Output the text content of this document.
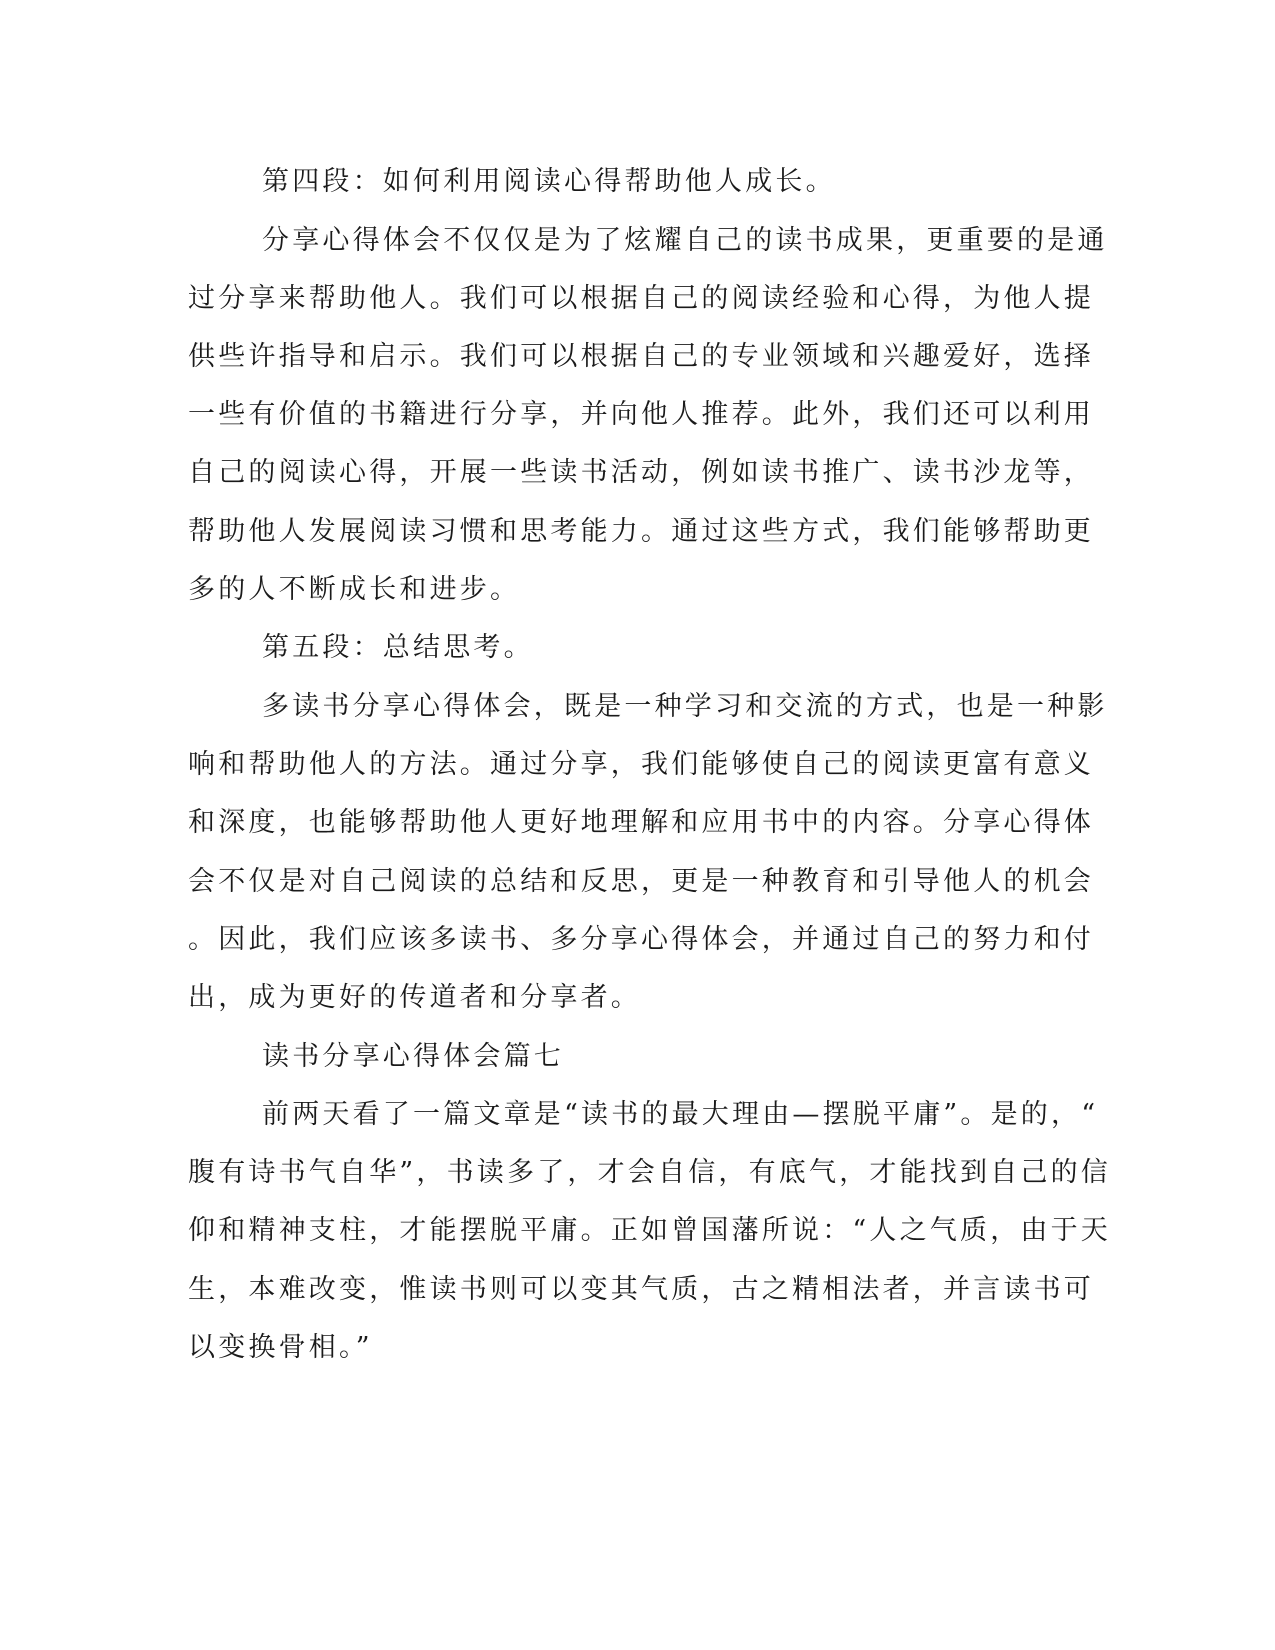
第四段：如何利用阅读心得帮助他人成长。
分享心得体会不仅仅是为了炫耀自己的读书成果，更重要的是通
过分享来帮助他人。我们可以根据自己的阅读经验和心得，为他人提
供些许指导和启示。我们可以根据自己的专业领域和兴趣爱好，选择
一些有价值的书籍进行分享，并向他人推荐。此外，我们还可以利用
自己的阅读心得，开展一些读书活动，例如读书推广、读书沙龙等，
帮助他人发展阅读习惯和思考能力。通过这些方式，我们能够帮助更
多的人不断成长和进步。
第五段：总结思考。
多读书分享心得体会，既是一种学习和交流的方式，也是一种影
响和帮助他人的方法。通过分享，我们能够使自己的阅读更富有意义
和深度，也能够帮助他人更好地理解和应用书中的内容。分享心得体
会不仅是对自己阅读的总结和反思，更是一种教育和引导他人的机会
。因此，我们应该多读书、多分享心得体会，并通过自己的努力和付
出，成为更好的传道者和分享者。
读书分享心得体会篇七
前两天看了一篇文章是“读书的最大理由—摆脱平庸”。是的，“
腹有诗书气自华”，书读多了，才会自信，有底气，才能找到自己的信
仰和精神支柱，才能摆脱平庸。正如曾国藩所说：“人之气质，由于天
生，本难改变，惟读书则可以变其气质，古之精相法者，并言读书可
以变换骨相。”
